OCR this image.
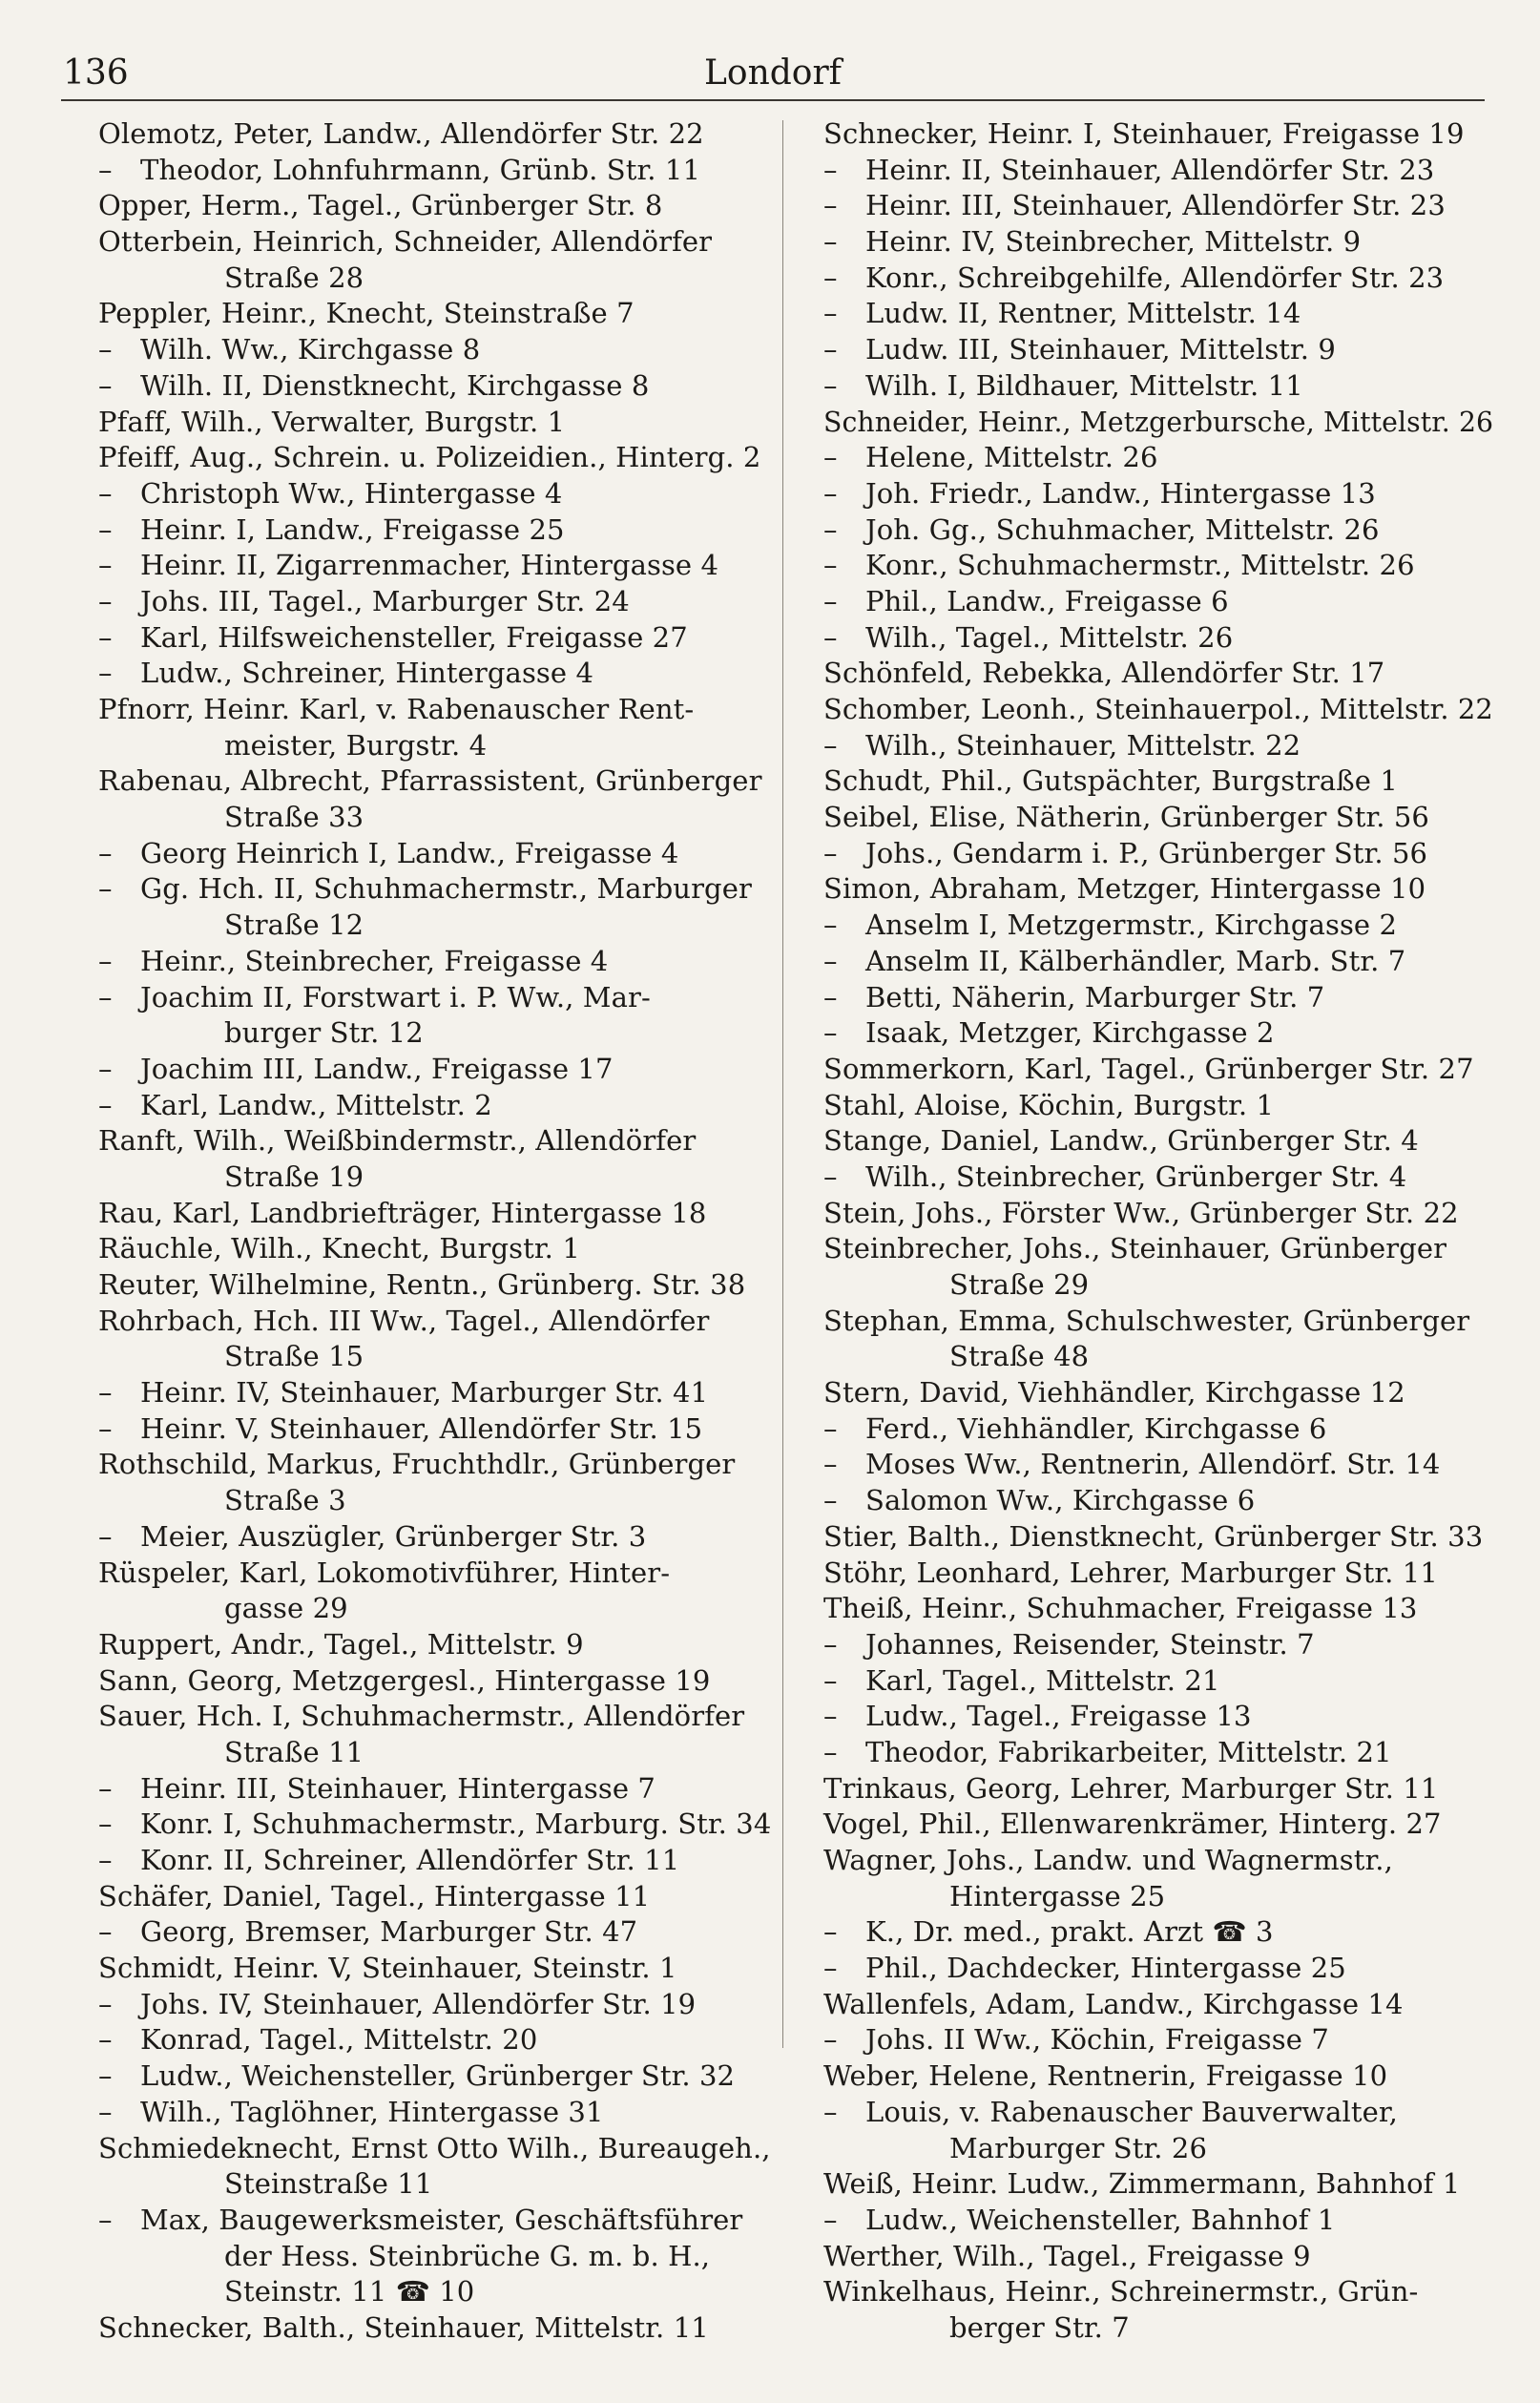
136	Londorf
Olemotz, Peter, Landw., Allendörfer Str. 22
– Theodor, Lohnfuhrmann, Grünb. Str. 11
Opper, Herm., Tagel., Grünberger Str. 8
Otterbein, Heinrich, Schneider, Allendörfer
Straße 28
Peppler, Heinr., Knecht, Steinstraße 7
– Wilh. Ww., Kirchgasse 8
– Wilh. II, Dienstknecht, Kirchgasse 8
Pfaff, Wilh., Verwalter, Burgstr. 1
Pfeiff, Aug., Schrein. u. Polizeidien., Hinterg. 2
– Christoph Ww., Hintergasse 4
– Heinr. I, Landw., Freigasse 25
– Heinr. II, Zigarrenmacher, Hintergasse 4
– Johs. III, Tagel., Marburger Str. 24
– Karl, Hilfsweichensteller, Freigasse 27
– Ludw., Schreiner, Hintergasse 4
Pfnorr, Heinr. Karl, v. Rabenauscher Rent-
meister, Burgstr. 4
Rabenau, Albrecht, Pfarrassistent, Grünberger
Straße 33
– Georg Heinrich I, Landw., Freigasse 4
– Gg. Hch. II, Schuhmachermstr., Marburger
Straße 12
– Heinr., Steinbrecher, Freigasse 4
– Joachim II, Forstwart i. P. Ww., Mar-
burger Str. 12
– Joachim III, Landw., Freigasse 17
– Karl, Landw., Mittelstr. 2
Ranft, Wilh., Weißbindermstr., Allendörfer
Straße 19
Rau, Karl, Landbriefträger, Hintergasse 18
Räuchle, Wilh., Knecht, Burgstr. 1
Reuter, Wilhelmine, Rentn., Grünberg. Str. 38
Rohrbach, Hch. III Ww., Tagel., Allendörfer
Straße 15
– Heinr. IV, Steinhauer, Marburger Str. 41
– Heinr. V, Steinhauer, Allendörfer Str. 15
Rothschild, Markus, Fruchthdlr., Grünberger
Straße 3
– Meier, Auszügler, Grünberger Str. 3
Rüspeler, Karl, Lokomotivführer, Hinter-
gasse 29
Ruppert, Andr., Tagel., Mittelstr. 9
Sann, Georg, Metzgergesl., Hintergasse 19
Sauer, Hch. I, Schuhmachermstr., Allendörfer
Straße 11
– Heinr. III, Steinhauer, Hintergasse 7
– Konr. I, Schuhmachermstr., Marburg. Str. 34
– Konr. II, Schreiner, Allendörfer Str. 11
Schäfer, Daniel, Tagel., Hintergasse 11
– Georg, Bremser, Marburger Str. 47
Schmidt, Heinr. V, Steinhauer, Steinstr. 1
– Johs. IV, Steinhauer, Allendörfer Str. 19
– Konrad, Tagel., Mittelstr. 20
– Ludw., Weichensteller, Grünberger Str. 32
– Wilh., Taglöhner, Hintergasse 31
Schmiedeknecht, Ernst Otto Wilh., Bureaugeh.,
Steinstraße 11
– Max, Baugewerksmeister, Geschäftsführer
der Hess. Steinbrüche G. m. b. H.,
Steinstr. 11 ☎ 10
Schnecker, Balth., Steinhauer, Mittelstr. 11
Schnecker, Heinr. I, Steinhauer, Freigasse 19
– Heinr. II, Steinhauer, Allendörfer Str. 23
– Heinr. III, Steinhauer, Allendörfer Str. 23
– Heinr. IV, Steinbrecher, Mittelstr. 9
– Konr., Schreibgehilfe, Allendörfer Str. 23
– Ludw. II, Rentner, Mittelstr. 14
– Ludw. III, Steinhauer, Mittelstr. 9
– Wilh. I, Bildhauer, Mittelstr. 11
Schneider, Heinr., Metzgerbursche, Mittelstr. 26
– Helene, Mittelstr. 26
– Joh. Friedr., Landw., Hintergasse 13
– Joh. Gg., Schuhmacher, Mittelstr. 26
– Konr., Schuhmachermstr., Mittelstr. 26
– Phil., Landw., Freigasse 6
– Wilh., Tagel., Mittelstr. 26
Schönfeld, Rebekka, Allendörfer Str. 17
Schomber, Leonh., Steinhauerpol., Mittelstr. 22
– Wilh., Steinhauer, Mittelstr. 22
Schudt, Phil., Gutspächter, Burgstraße 1
Seibel, Elise, Nätherin, Grünberger Str. 56
– Johs., Gendarm i. P., Grünberger Str. 56
Simon, Abraham, Metzger, Hintergasse 10
– Anselm I, Metzgermstr., Kirchgasse 2
– Anselm II, Kälberhändler, Marb. Str. 7
– Betti, Näherin, Marburger Str. 7
– Isaak, Metzger, Kirchgasse 2
Sommerkorn, Karl, Tagel., Grünberger Str. 27
Stahl, Aloise, Köchin, Burgstr. 1
Stange, Daniel, Landw., Grünberger Str. 4
– Wilh., Steinbrecher, Grünberger Str. 4
Stein, Johs., Förster Ww., Grünberger Str. 22
Steinbrecher, Johs., Steinhauer, Grünberger
Straße 29
Stephan, Emma, Schulschwester, Grünberger
Straße 48
Stern, David, Viehhändler, Kirchgasse 12
– Ferd., Viehhändler, Kirchgasse 6
– Moses Ww., Rentnerin, Allendörf. Str. 14
– Salomon Ww., Kirchgasse 6
Stier, Balth., Dienstknecht, Grünberger Str. 33
Stöhr, Leonhard, Lehrer, Marburger Str. 11
Theiß, Heinr., Schuhmacher, Freigasse 13
– Johannes, Reisender, Steinstr. 7
– Karl, Tagel., Mittelstr. 21
– Ludw., Tagel., Freigasse 13
– Theodor, Fabrikarbeiter, Mittelstr. 21
Trinkaus, Georg, Lehrer, Marburger Str. 11
Vogel, Phil., Ellenwarenkrämer, Hinterg. 27
Wagner, Johs., Landw. und Wagnermstr.,
Hintergasse 25
– K., Dr. med., prakt. Arzt ☎ 3
– Phil., Dachdecker, Hintergasse 25
Wallenfels, Adam, Landw., Kirchgasse 14
– Johs. II Ww., Köchin, Freigasse 7
Weber, Helene, Rentnerin, Freigasse 10
– Louis, v. Rabenauscher Bauverwalter,
Marburger Str. 26
Weiß, Heinr. Ludw., Zimmermann, Bahnhof 1
– Ludw., Weichensteller, Bahnhof 1
Werther, Wilh., Tagel., Freigasse 9
Winkelhaus, Heinr., Schreinermstr., Grün-
berger Str. 7
